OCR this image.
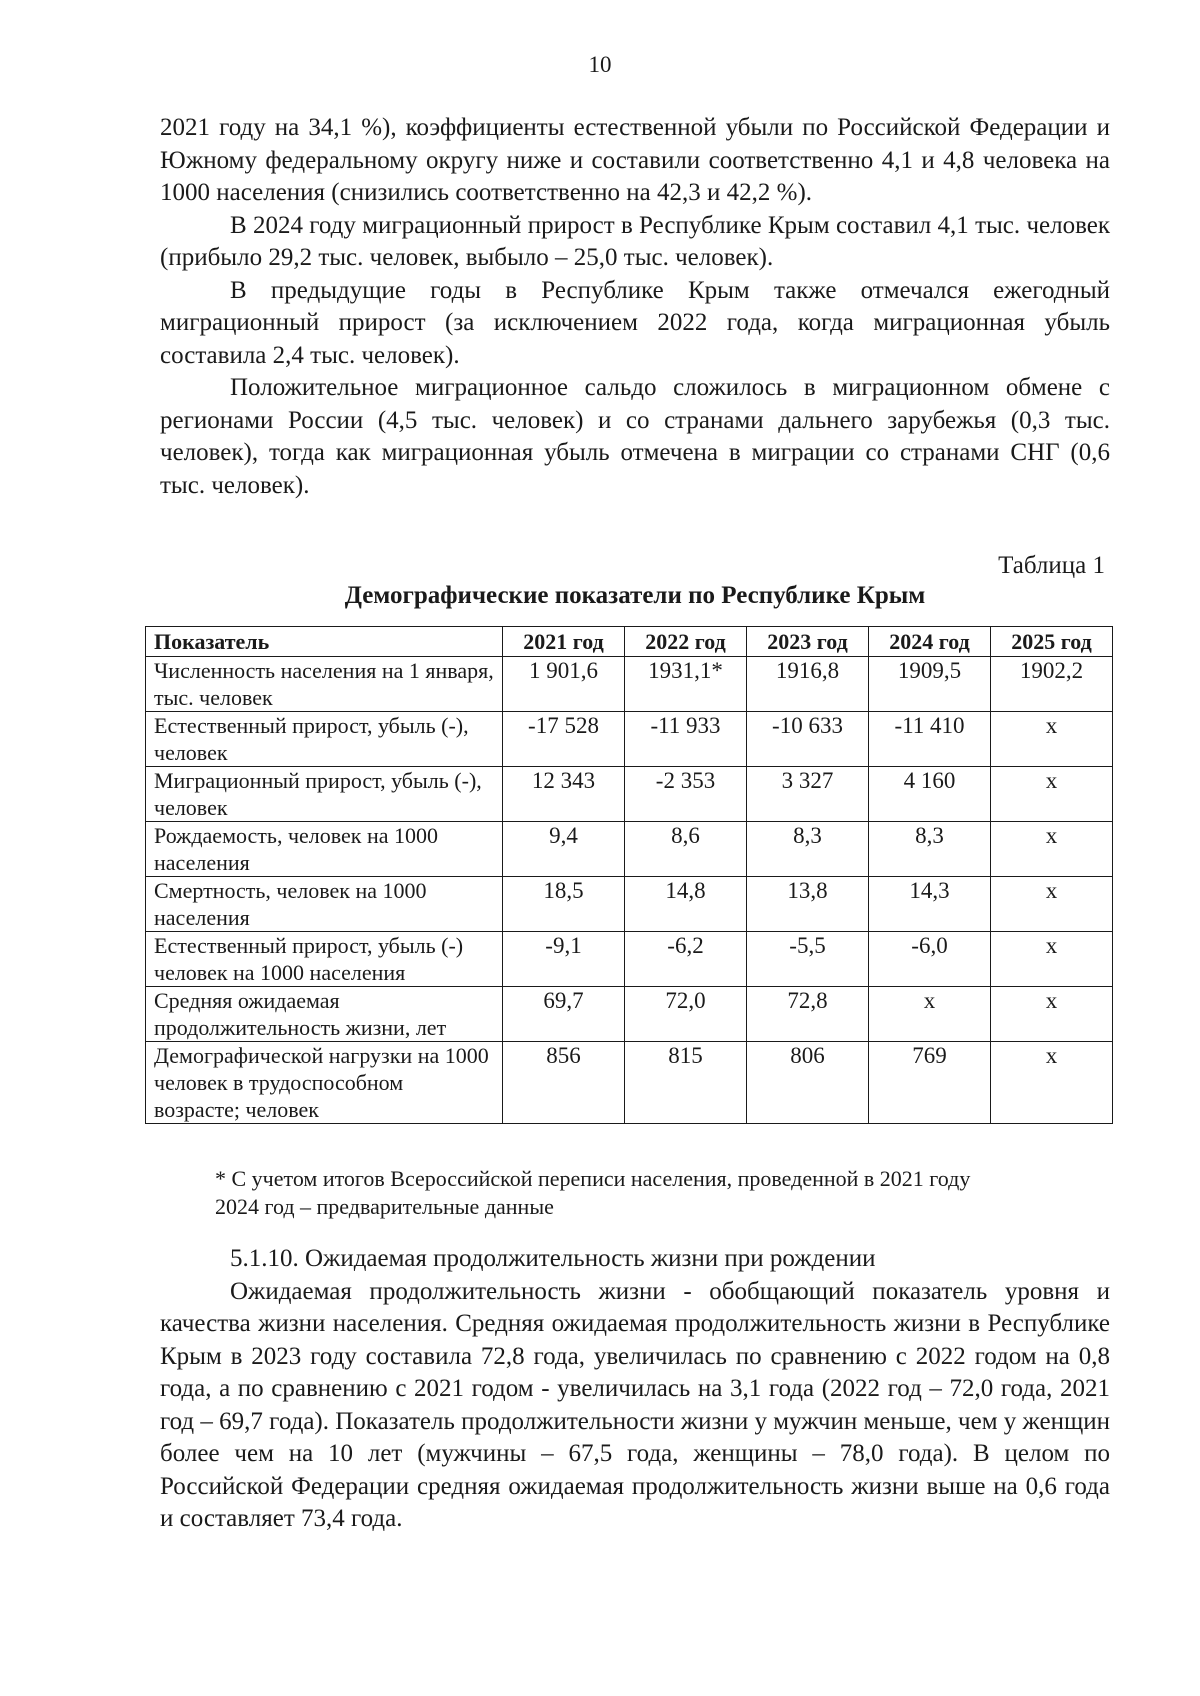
10

2021 году на 34,1 %), коэффициенты естественной убыли по Российской Федерации и Южному федеральному округу ниже и составили соответственно 4,1 и 4,8 человека на 1000 населения (снизились соответственно на 42,3 и 42,2 %).

В 2024 году миграционный прирост в Республике Крым составил 4,1 тыс. человек (прибыло 29,2 тыс. человек, выбыло – 25,0 тыс. человек).

В предыдущие годы в Республике Крым также отмечался ежегодный миграционный прирост (за исключением 2022 года, когда миграционная убыль составила 2,4 тыс. человек).

Положительное миграционное сальдо сложилось в миграционном обмене с регионами России (4,5 тыс. человек) и со странами дальнего зарубежья (0,3 тыс. человек), тогда как миграционная убыль отмечена в миграции со странами СНГ (0,6 тыс. человек).

Таблица 1
Демографические показатели по Республике Крым
Показатель	2021 год	2022 год	2023 год	2024 год	2025 год
Численность населения на 1 января, тыс. человек	1 901,6	1931,1*	1916,8	1909,5	1902,2
Естественный прирост, убыль (-), человек	-17 528	-11 933	-10 633	-11 410	х
Миграционный прирост, убыль (-), человек	12 343	-2 353	3 327	4 160	х
Рождаемость, человек на 1000 населения	9,4	8,6	8,3	8,3	х
Смертность, человек на 1000 населения	18,5	14,8	13,8	14,3	х
Естественный прирост, убыль (-) человек на 1000 населения	-9,1	-6,2	-5,5	-6,0	х
Средняя ожидаемая продолжительность жизни, лет	69,7	72,0	72,8	х	х
Демографической нагрузки на 1000 человек в трудоспособном возрасте; человек	856	815	806	769	х
* С учетом итогов Всероссийской переписи населения, проведенной в 2021 году
2024 год – предварительные данные

5.1.10. Ожидаемая продолжительность жизни при рождении

Ожидаемая продолжительность жизни - обобщающий показатель уровня и качества жизни населения. Средняя ожидаемая продолжительность жизни в Республике Крым в 2023 году составила 72,8 года, увеличилась по сравнению с 2022 годом на 0,8 года, а по сравнению с 2021 годом - увеличилась на 3,1 года (2022 год – 72,0 года, 2021 год – 69,7 года). Показатель продолжительности жизни у мужчин меньше, чем у женщин более чем на 10 лет (мужчины – 67,5 года, женщины – 78,0 года). В целом по Российской Федерации средняя ожидаемая продолжительность жизни выше на 0,6 года и составляет 73,4 года.
